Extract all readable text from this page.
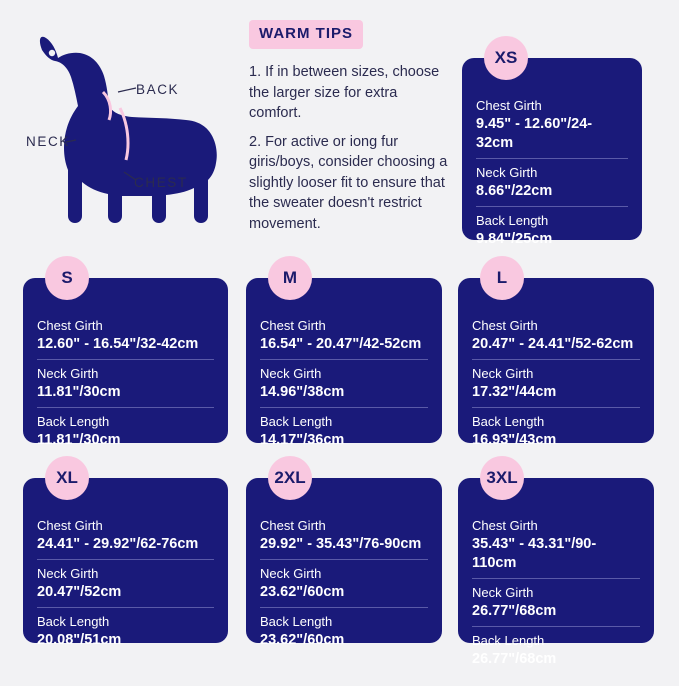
BACK
NECK
CHEST
WARM TIPS

1. If in between sizes, choose the larger size for extra comfort.

2. For active or iong fur giris/boys, consider choosing a slightly looser fit to ensure that the sweater doesn't restrict movement.

XS
Chest Girth
9.45" - 12.60"/24-32cm
Neck Girth
8.66"/22cm
Back Length
9.84"/25cm
S
Chest Girth
12.60" - 16.54"/32-42cm
Neck Girth
11.81"/30cm
Back Length
11.81"/30cm
M
Chest Girth
16.54" - 20.47"/42-52cm
Neck Girth
14.96"/38cm
Back Length
14.17"/36cm
L
Chest Girth
20.47" - 24.41"/52-62cm
Neck Girth
17.32"/44cm
Back Length
16.93"/43cm
XL
Chest Girth
24.41" - 29.92"/62-76cm
Neck Girth
20.47"/52cm
Back Length
20.08"/51cm
2XL
Chest Girth
29.92" - 35.43"/76-90cm
Neck Girth
23.62"/60cm
Back Length
23.62"/60cm
3XL
Chest Girth
35.43" - 43.31"/90-110cm
Neck Girth
26.77"/68cm
Back Length
26.77"/68cm
